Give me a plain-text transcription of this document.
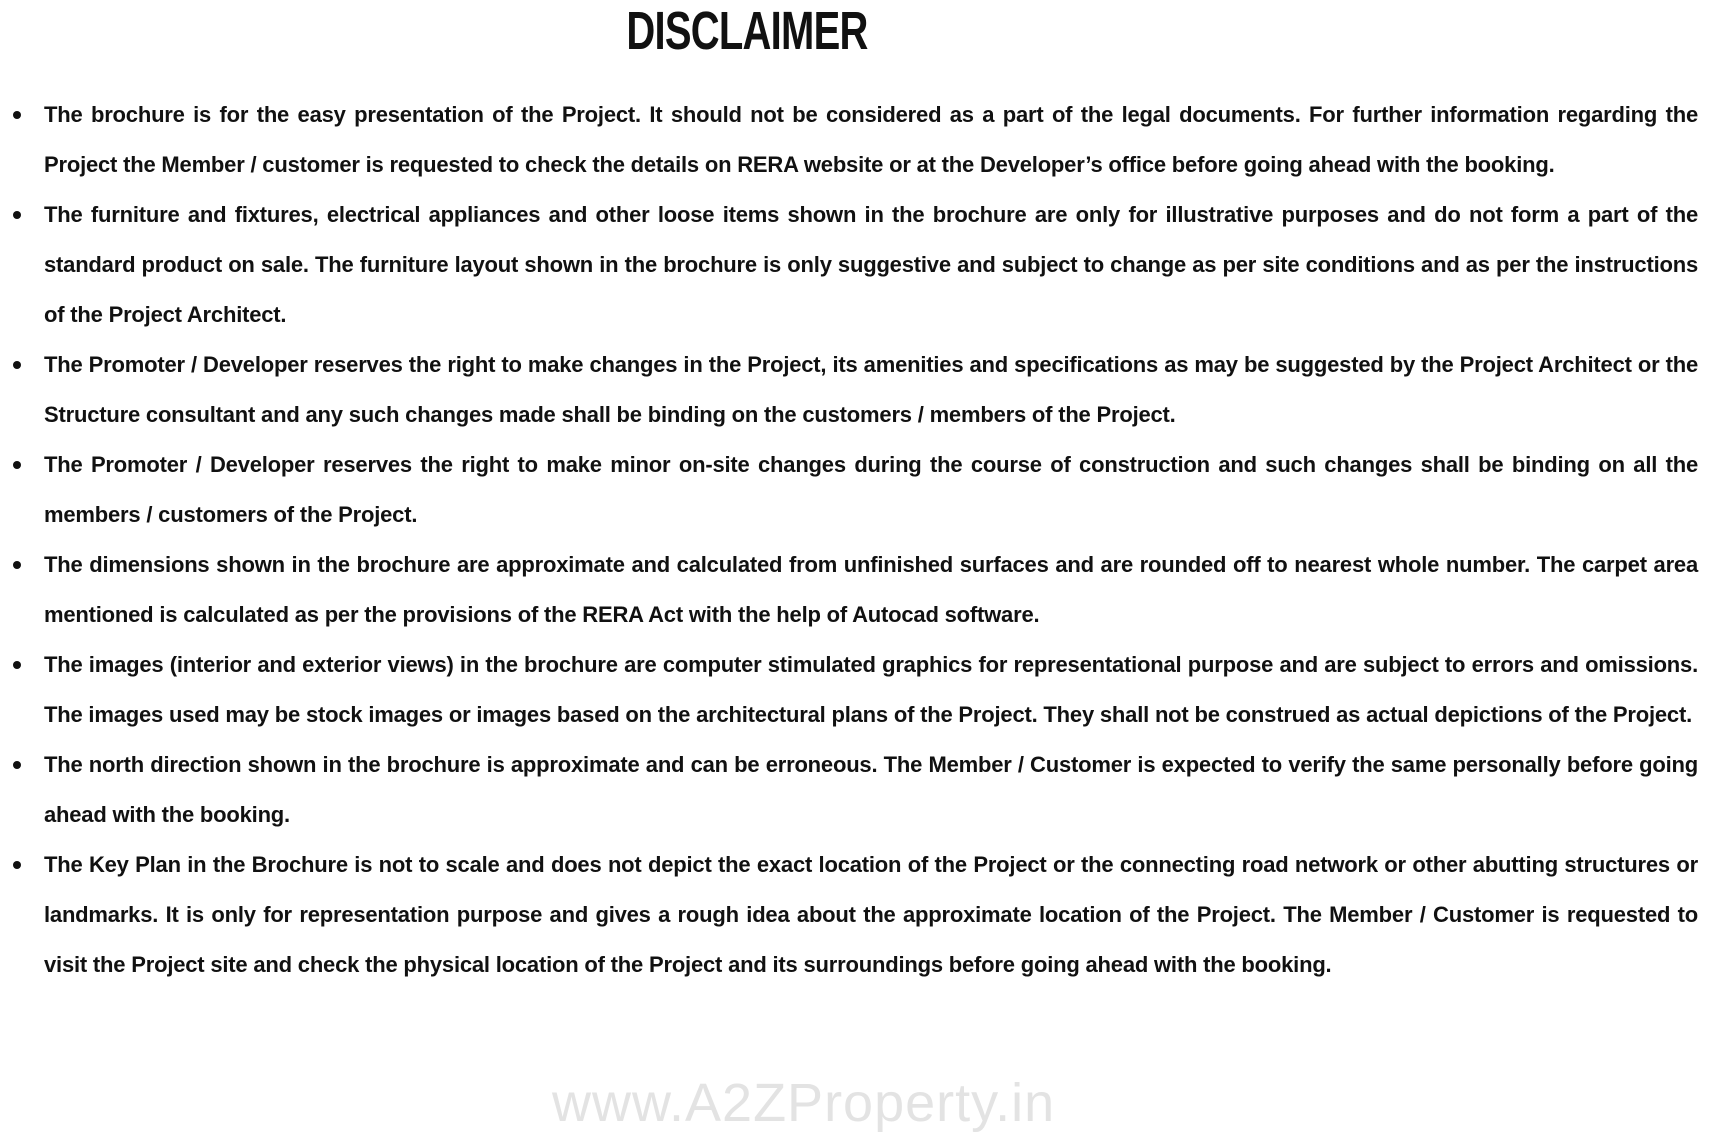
www.A2ZProperty.in
DISCLAIMER
The brochure is for the easy presentation of the Project. It should not be considered as a part of the legal documents. For further information regarding the Project the Member / customer is requested to check the details on RERA website or at the Developer’s office before going ahead with the booking.
The furniture and fixtures, electrical appliances and other loose items shown in the brochure are only for illustrative purposes and do not form a part of the standard product on sale. The furniture layout shown in the brochure is only suggestive and subject to change as per site conditions and as per the instructions of the Project Architect.
The Promoter / Developer reserves the right to make changes in the Project, its amenities and specifications as may be suggested by the Project Architect or the Structure consultant and any such changes made shall be binding on the customers / members of the Project.
The Promoter / Developer reserves the right to make minor on-site changes during the course of construction and such changes shall be binding on all the members / customers of the Project.
The dimensions shown in the brochure are approximate and calculated from unfinished surfaces and are rounded off to nearest whole number. The carpet area mentioned is calculated as per the provisions of the RERA Act with the help of Autocad software.
The images (interior and exterior views) in the brochure are computer stimulated graphics for representational purpose and are subject to errors and omissions. The images used may be stock images or images based on the architectural plans of the Project. They shall not be construed as actual depictions of the Project.
The north direction shown in the brochure is approximate and can be erroneous. The Member / Customer is expected to verify the same personally before going ahead with the booking.
The Key Plan in the Brochure is not to scale and does not depict the exact location of the Project or the connecting road network or other abutting structures or landmarks. It is only for representation purpose and gives a rough idea about the approximate location of the Project. The Member / Customer is requested to visit the Project site and check the physical location of the Project and its surroundings before going ahead with the booking.
